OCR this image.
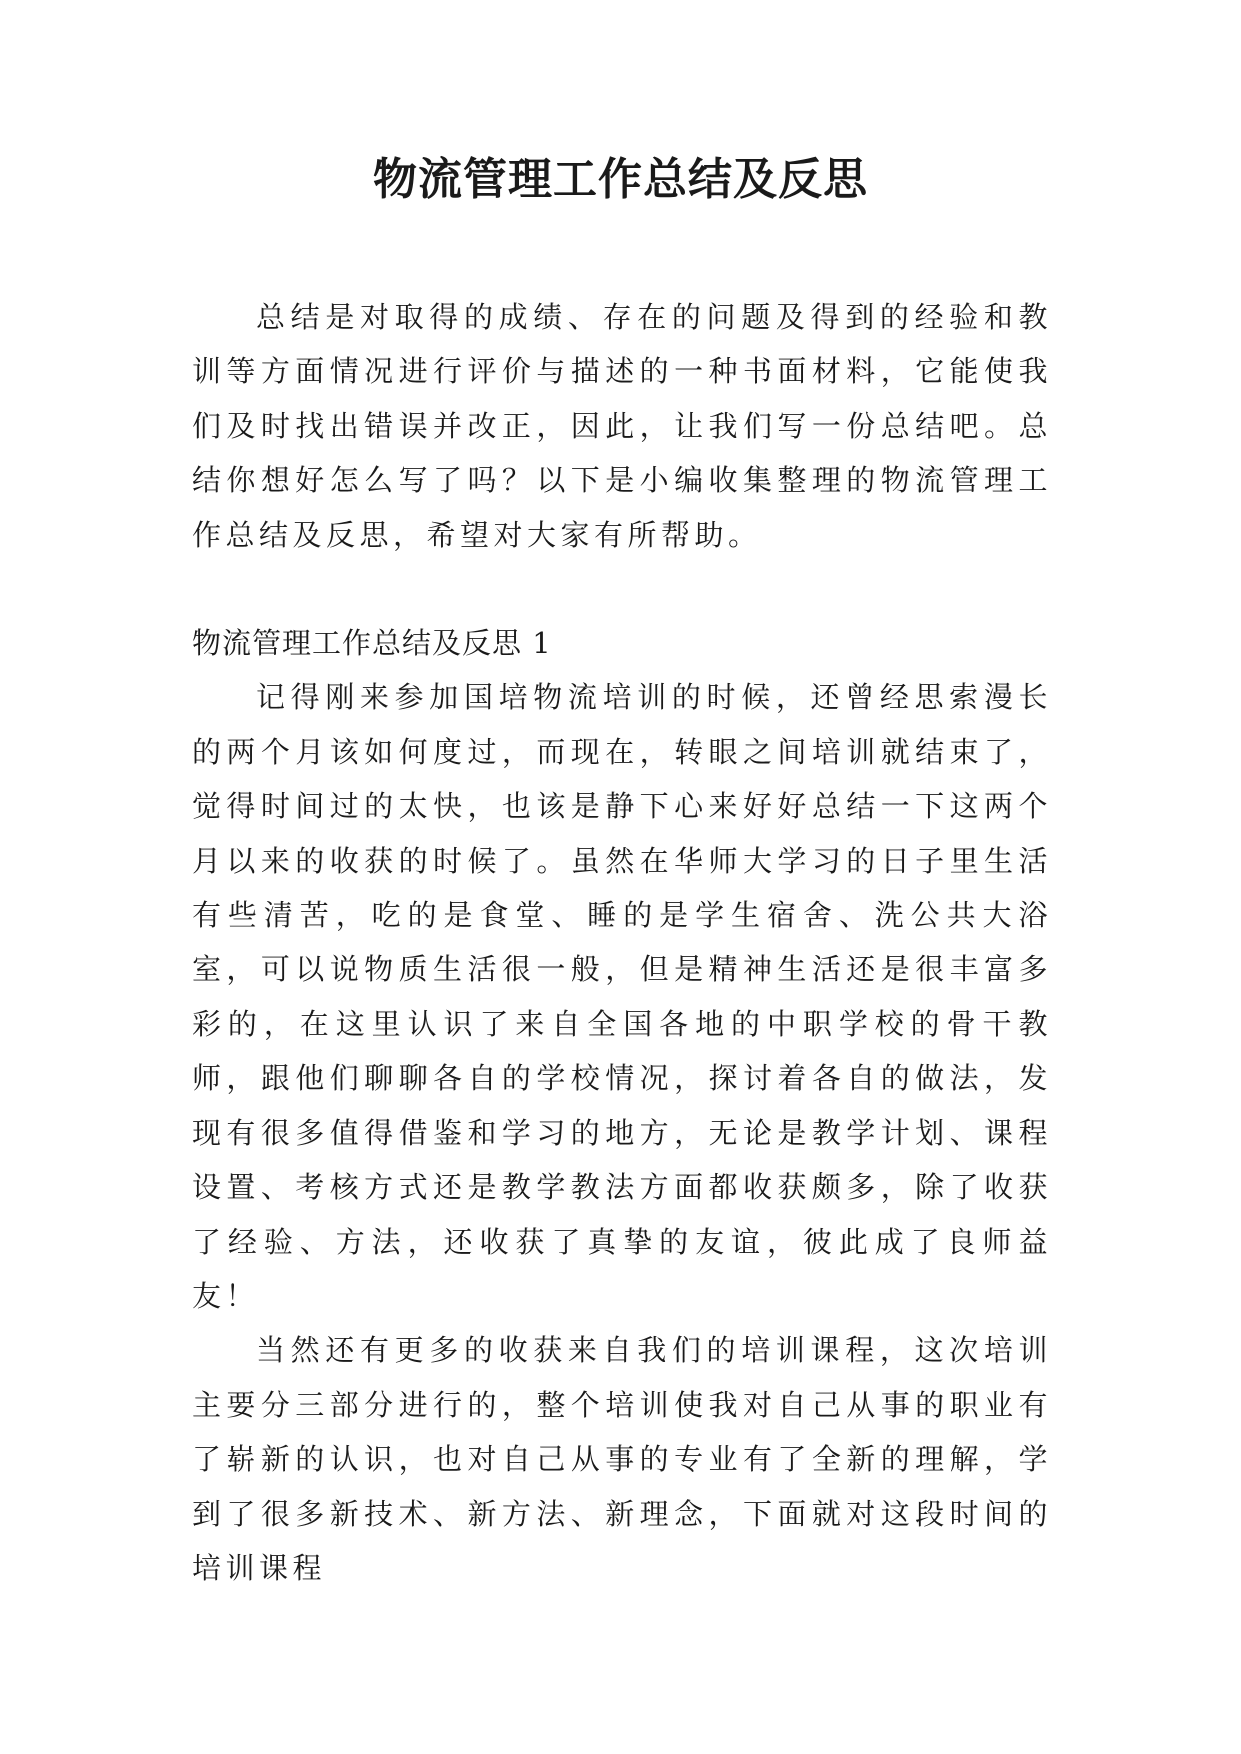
物流管理工作总结及反思

总结是对取得的成绩、存在的问题及得到的经验和教训等方面情况进行评价与描述的一种书面材料，它能使我们及时找出错误并改正，因此，让我们写一份总结吧。总结你想好怎么写了吗？以下是小编收集整理的物流管理工作总结及反思，希望对大家有所帮助。

物流管理工作总结及反思 1

记得刚来参加国培物流培训的时候，还曾经思索漫长的两个月该如何度过，而现在，转眼之间培训就结束了，觉得时间过的太快，也该是静下心来好好总结一下这两个月以来的收获的时候了。虽然在华师大学习的日子里生活有些清苦，吃的是食堂、睡的是学生宿舍、洗公共大浴室，可以说物质生活很一般，但是精神生活还是很丰富多彩的，在这里认识了来自全国各地的中职学校的骨干教师，跟他们聊聊各自的学校情况，探讨着各自的做法，发现有很多值得借鉴和学习的地方，无论是教学计划、课程设置、考核方式还是教学教法方面都收获颇多，除了收获了经验、方法，还收获了真挚的友谊，彼此成了良师益友！

当然还有更多的收获来自我们的培训课程，这次培训主要分三部分进行的，整个培训使我对自己从事的职业有了崭新的认识，也对自己从事的专业有了全新的理解，学到了很多新技术、新方法、新理念，下面就对这段时间的培训课程
